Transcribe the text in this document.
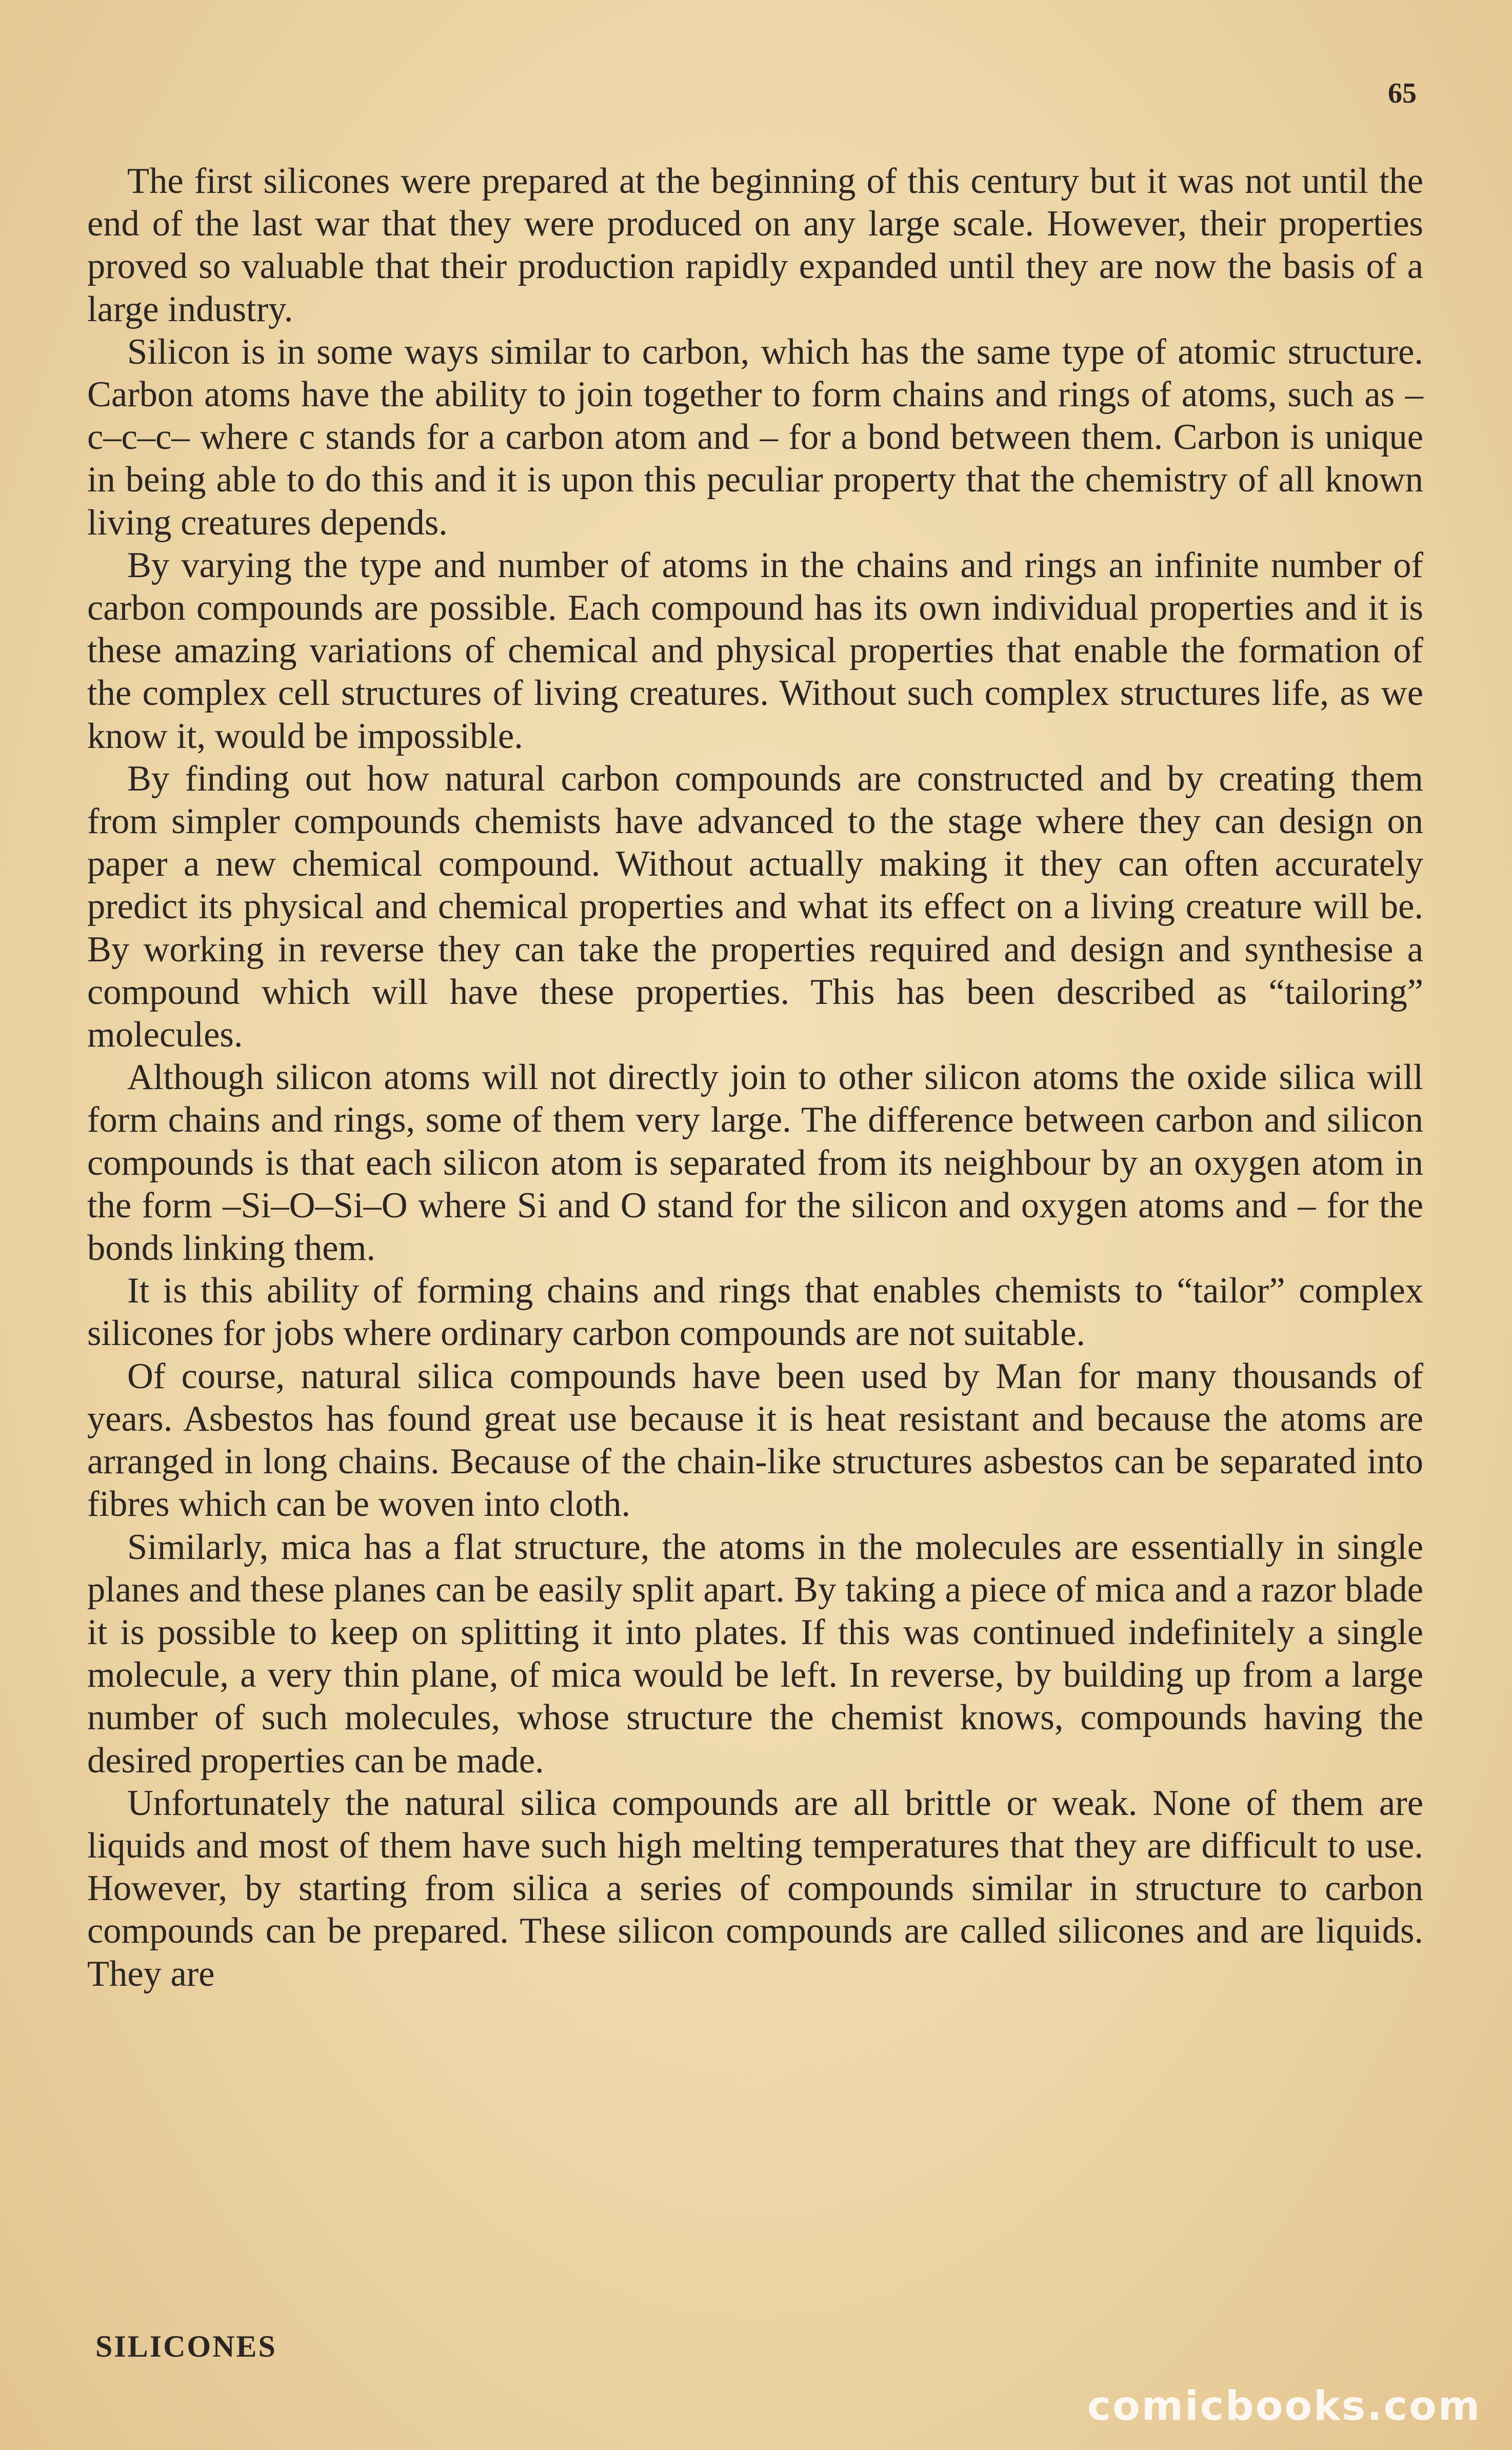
65

The first silicones were prepared at the beginning of this century but it was not until the end of the last war that they were produced on any large scale. However, their properties proved so valuable that their production rapidly expanded until they are now the basis of a large industry.

Silicon is in some ways similar to carbon, which has the same type of atomic structure. Carbon atoms have the ability to join together to form chains and rings of atoms, such as –c–c–c– where c stands for a carbon atom and – for a bond between them. Carbon is unique in being able to do this and it is upon this peculiar property that the chemistry of all known living creatures depends.

By varying the type and number of atoms in the chains and rings an infinite number of carbon compounds are possible. Each compound has its own individual properties and it is these amazing variations of chemical and physical properties that enable the formation of the complex cell structures of living creatures. Without such complex structures life, as we know it, would be impossible.

By finding out how natural carbon compounds are constructed and by creating them from simpler compounds chemists have advanced to the stage where they can design on paper a new chemical compound. Without actually making it they can often accurately predict its physical and chemical properties and what its effect on a living creature will be. By working in reverse they can take the properties required and design and synthesise a compound which will have these properties. This has been described as “tailoring” molecules.

Although silicon atoms will not directly join to other silicon atoms the oxide silica will form chains and rings, some of them very large. The difference between carbon and silicon compounds is that each silicon atom is separated from its neighbour by an oxygen atom in the form –Si–O–Si–O where Si and O stand for the silicon and oxygen atoms and – for the bonds linking them.

It is this ability of forming chains and rings that enables chemists to “tailor” complex silicones for jobs where ordinary carbon compounds are not suitable.

Of course, natural silica compounds have been used by Man for many thousands of years. Asbestos has found great use because it is heat resistant and because the atoms are arranged in long chains. Because of the chain-like structures asbestos can be separated into fibres which can be woven into cloth.

Similarly, mica has a flat structure, the atoms in the molecules are essentially in single planes and these planes can be easily split apart. By taking a piece of mica and a razor blade it is possible to keep on splitting it into plates. If this was continued indefinitely a single molecule, a very thin plane, of mica would be left. In reverse, by building up from a large number of such molecules, whose structure the chemist knows, compounds having the desired properties can be made.

Unfortunately the natural silica compounds are all brittle or weak. None of them are liquids and most of them have such high melting temperatures that they are difficult to use. However, by starting from silica a series of compounds similar in structure to carbon compounds can be prepared. These silicon compounds are called silicones and are liquids. They are

SILICONES
comicbooks.com
